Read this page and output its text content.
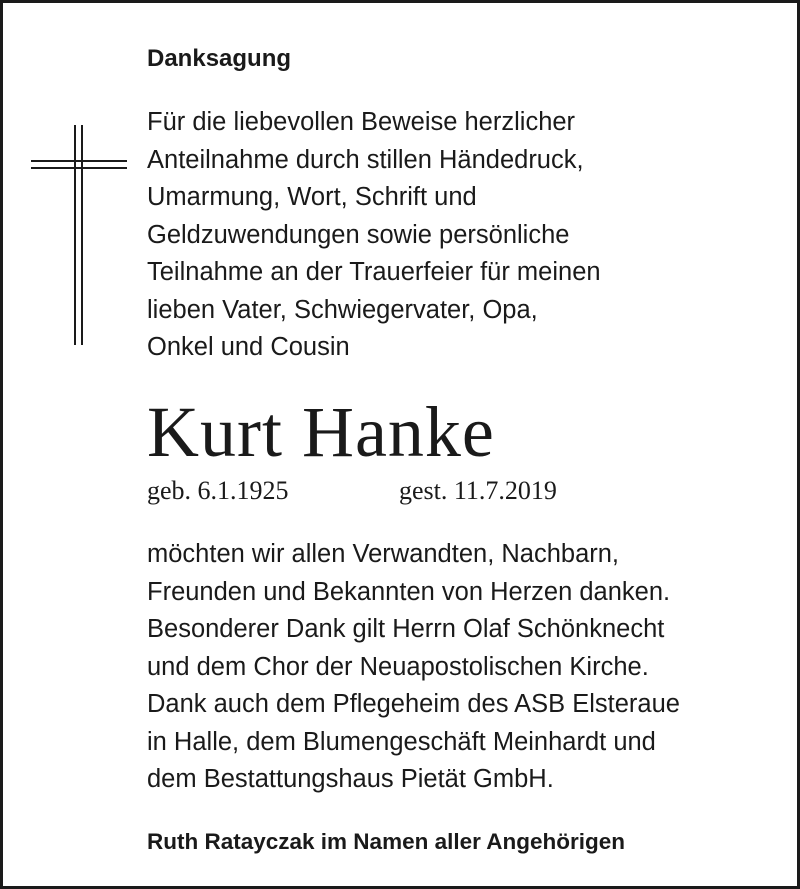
Danksagung
Für die liebevollen Beweise herzlicher
Anteilnahme durch stillen Händedruck,
Umarmung, Wort, Schrift und
Geldzuwendungen sowie persönliche
Teilnahme an der Trauerfeier für meinen
lieben Vater, Schwiegervater, Opa,
Onkel und Cousin
Kurt Hanke
geb. 6.1.1925	gest. 11.7.2019
möchten wir allen Verwandten, Nachbarn,
Freunden und Bekannten von Herzen danken.
Besonderer Dank gilt Herrn Olaf Schönknecht
und dem Chor der Neuapostolischen Kirche.
Dank auch dem Pflegeheim des ASB Elsteraue
in Halle, dem Blumengeschäft Meinhardt und
dem Bestattungshaus Pietät GmbH.
Ruth Ratayczak im Namen aller Angehörigen
